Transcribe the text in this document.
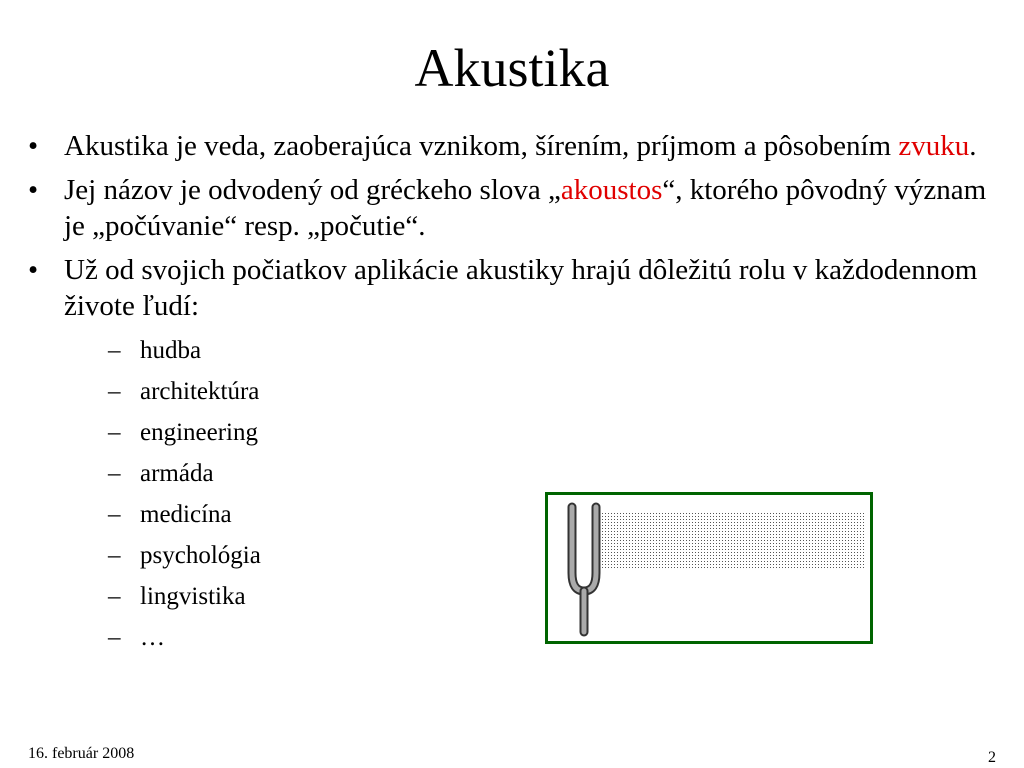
Akustika
• Akustika je veda, zaoberajúca vznikom, šírením, príjmom a pôsobením zvuku.
• Jej názov je odvodený od gréckeho slova „akoustos“, ktorého pôvodný význam je „počúvanie“ resp. „počutie“.
• Už od svojich počiatkov aplikácie akustiky hrajú dôležitú rolu v každodennom živote ľudí:
– hudba
– architektúra
– engineering
– armáda
– medicína
– psychológia
– lingvistika
– …
16. február 2008	2
